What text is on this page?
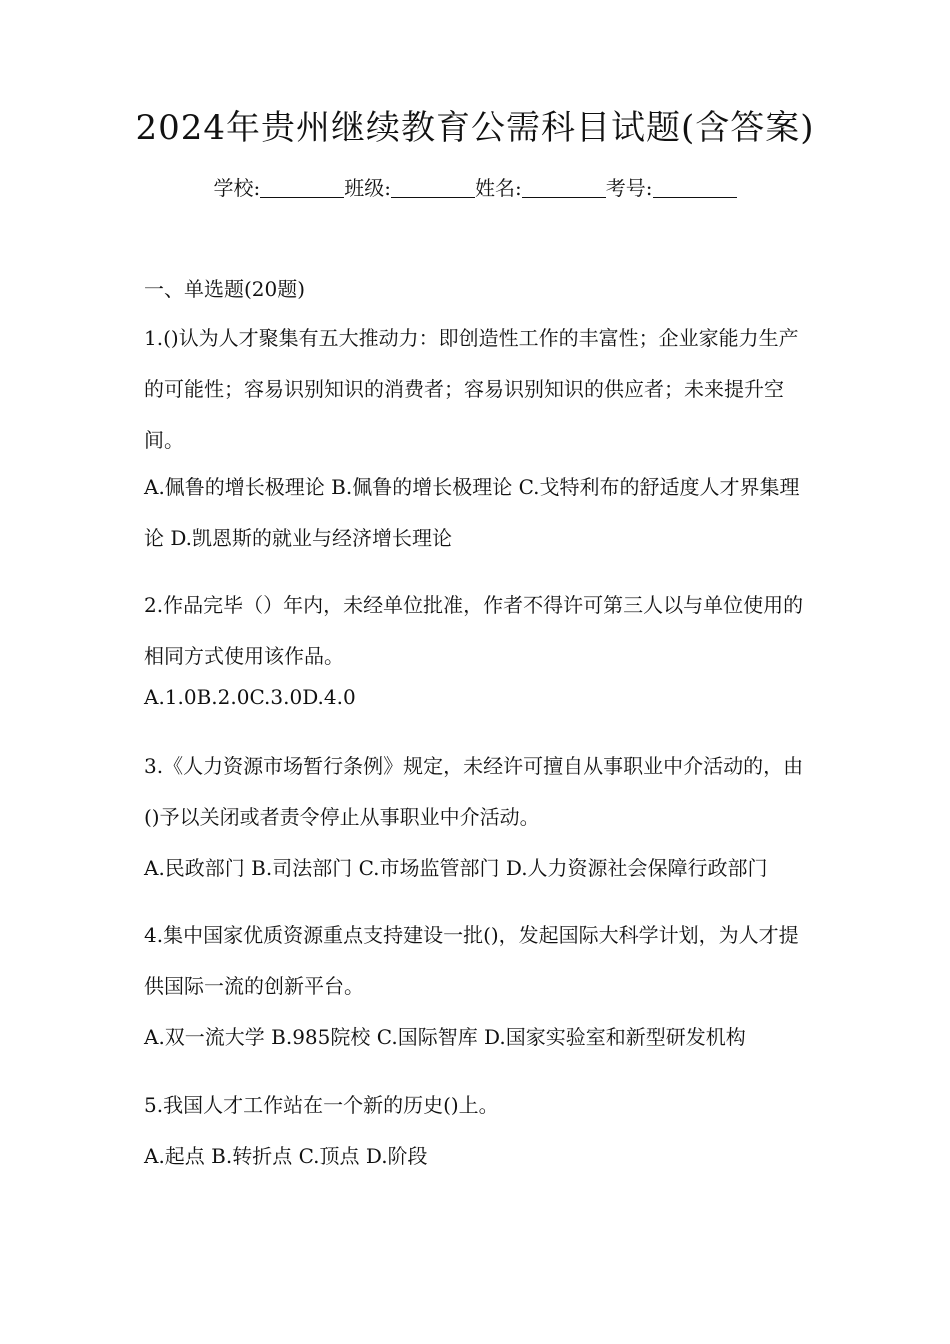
2024年贵州继续教育公需科目试题(含答案)
学校:	班级:	姓名:	考号:
一、单选题(20题)
1.()认为人才聚集有五大推动力：即创造性工作的丰富性；企业家能力生产的可能性；容易识别知识的消费者；容易识别知识的供应者；未来提升空间。
A.佩鲁的增长极理论 B.佩鲁的增长极理论 C.戈特利布的舒适度人才界集理论 D.凯恩斯的就业与经济增长理论
2.作品完毕（）年内，未经单位批准，作者不得许可第三人以与单位使用的相同方式使用该作品。
A.1.0B.2.0C.3.0D.4.0
3.《人力资源市场暂行条例》规定，未经许可擅自从事职业中介活动的，由()予以关闭或者责令停止从事职业中介活动。
A.民政部门 B.司法部门 C.市场监管部门 D.人力资源社会保障行政部门
4.集中国家优质资源重点支持建设一批()，发起国际大科学计划，为人才提供国际一流的创新平台。
A.双一流大学 B.985院校 C.国际智库 D.国家实验室和新型研发机构
5.我国人才工作站在一个新的历史()上。
A.起点 B.转折点 C.顶点 D.阶段
